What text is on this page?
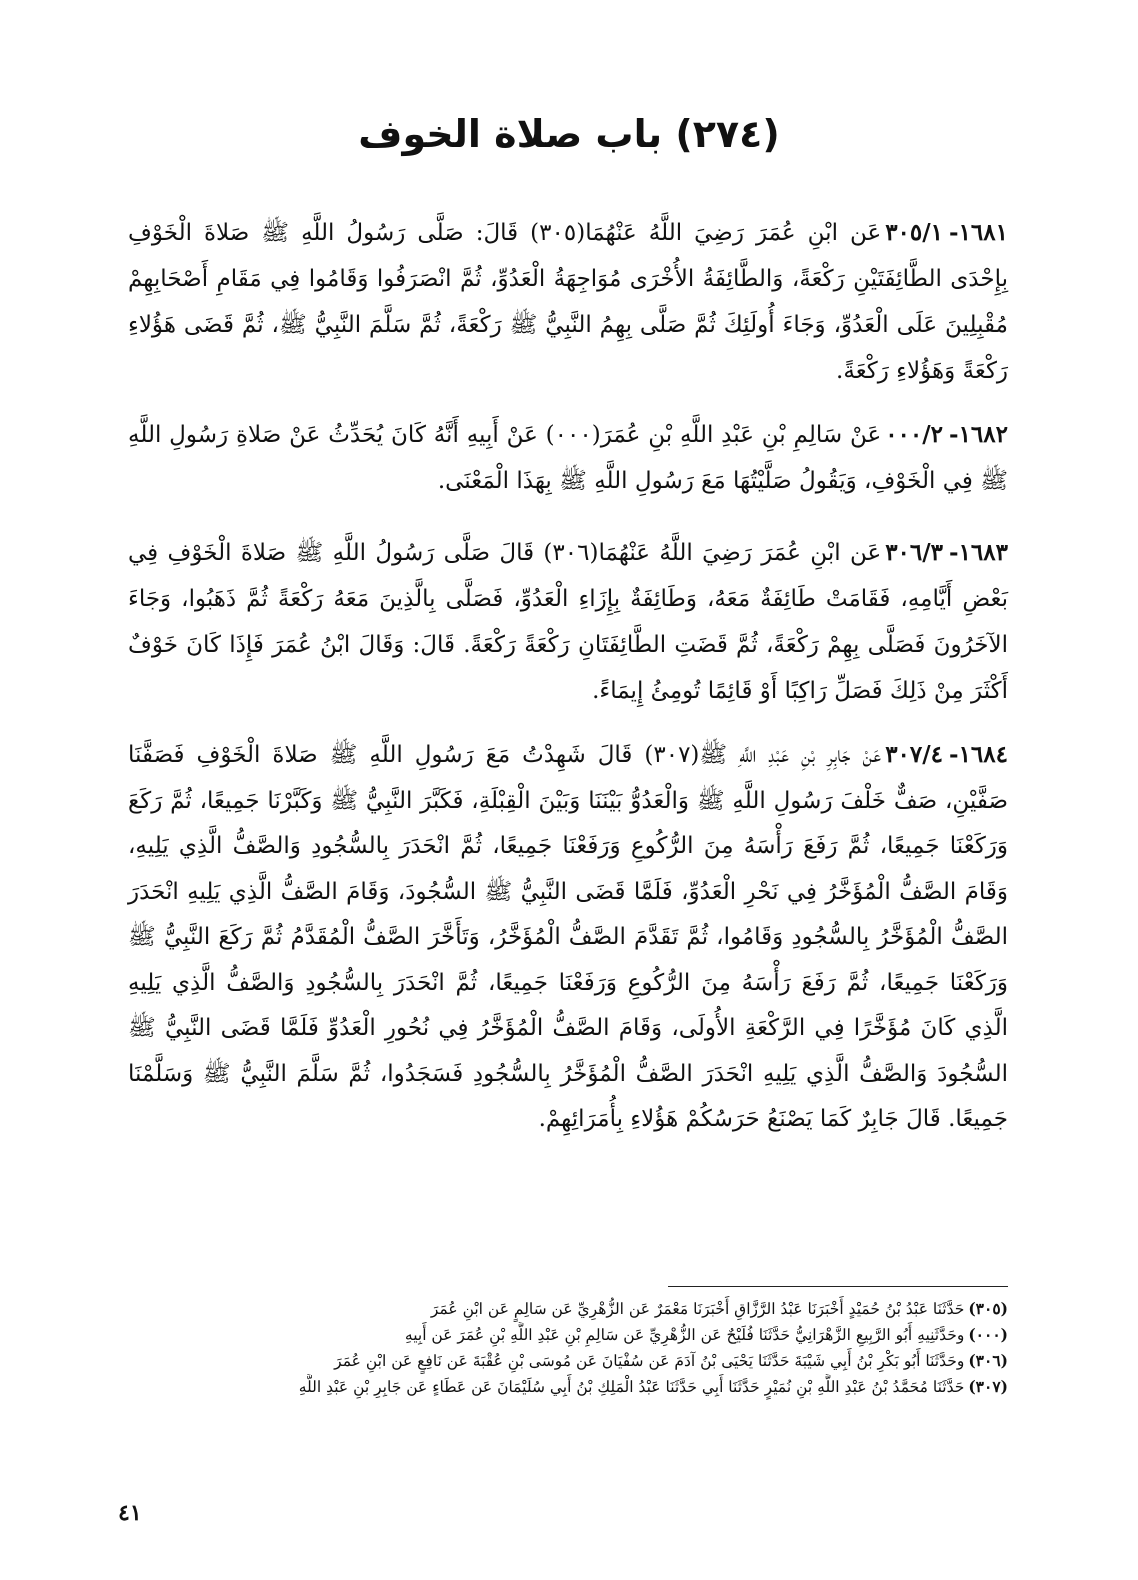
(٢٧٤) باب صلاة الخوف

١٦٨١-٣٠٥/١عَن ابْنِ عُمَرَ رَضِيَ اللَّهُ عَنْهُمَا(٣٠٥) قَالَ: صَلَّى رَسُولُ اللَّهِ ﷺ صَلاةَ الْخَوْفِ بِإِحْدَى الطَّائِفَتَيْنِ رَكْعَةً، وَالطَّائِفَةُ الأُخْرَى مُوَاجِهَةُ الْعَدُوِّ، ثُمَّ انْصَرَفُوا وَقَامُوا فِي مَقَامِ أَصْحَابِهِمْ مُقْبِلِينَ عَلَى الْعَدُوِّ، وَجَاءَ أُولَئِكَ ثُمَّ صَلَّى بِهِمُ النَّبِيُّ ﷺ رَكْعَةً، ثُمَّ سَلَّمَ النَّبِيُّ ﷺ، ثُمَّ قَضَى هَؤُلاءِ رَكْعَةً وَهَؤُلاءِ رَكْعَةً.

١٦٨٢-٠٠٠/٢عَنْ سَالِمِ بْنِ عَبْدِ اللَّهِ بْنِ عُمَرَ(٠٠٠) عَنْ أَبِيهِ أَنَّهُ كَانَ يُحَدِّثُ عَنْ صَلاةِ رَسُولِ اللَّهِ ﷺ فِي الْخَوْفِ، وَيَقُولُ صَلَّيْتُهَا مَعَ رَسُولِ اللَّهِ ﷺ بِهَذَا الْمَعْنَى.

١٦٨٣-٣٠٦/٣عَن ابْنِ عُمَرَ رَضِيَ اللَّهُ عَنْهُمَا(٣٠٦) قَالَ صَلَّى رَسُولُ اللَّهِ ﷺ صَلاةَ الْخَوْفِ فِي بَعْضِ أَيَّامِهِ، فَقَامَتْ طَائِفَةٌ مَعَهُ، وَطَائِفَةٌ بِإِزَاءِ الْعَدُوِّ، فَصَلَّى بِالَّذِينَ مَعَهُ رَكْعَةً ثُمَّ ذَهَبُوا، وَجَاءَ الآخَرُونَ فَصَلَّى بِهِمْ رَكْعَةً، ثُمَّ قَضَتِ الطَّائِفَتَانِ رَكْعَةً رَكْعَةً. قَالَ: وَقَالَ ابْنُ عُمَرَ فَإِذَا كَانَ خَوْفٌ أَكْثَرَ مِنْ ذَلِكَ فَصَلِّ رَاكِبًا أَوْ قَائِمًا تُومِئُ إِيمَاءً.

١٦٨٤-٣٠٧/٤عَنْ جَابِرِ بْنِ عَبْدِ اللَّهِ ﷺ(٣٠٧) قَالَ شَهِدْتُ مَعَ رَسُولِ اللَّهِ ﷺ صَلاةَ الْخَوْفِ فَصَفَّنَا صَفَّيْنِ، صَفٌّ خَلْفَ رَسُولِ اللَّهِ ﷺ وَالْعَدُوُّ بَيْنَنَا وَبَيْنَ الْقِبْلَةِ، فَكَبَّرَ النَّبِيُّ ﷺ وَكَبَّرْنَا جَمِيعًا، ثُمَّ رَكَعَ وَرَكَعْنَا جَمِيعًا، ثُمَّ رَفَعَ رَأْسَهُ مِنَ الرُّكُوعِ وَرَفَعْنَا جَمِيعًا، ثُمَّ انْحَدَرَ بِالسُّجُودِ وَالصَّفُّ الَّذِي يَلِيهِ، وَقَامَ الصَّفُّ الْمُؤَخَّرُ فِي نَحْرِ الْعَدُوِّ، فَلَمَّا قَضَى النَّبِيُّ ﷺ السُّجُودَ، وَقَامَ الصَّفُّ الَّذِي يَلِيهِ انْحَدَرَ الصَّفُّ الْمُؤَخَّرُ بِالسُّجُودِ وَقَامُوا، ثُمَّ تَقَدَّمَ الصَّفُّ الْمُؤَخَّرُ، وَتَأَخَّرَ الصَّفُّ الْمُقَدَّمُ ثُمَّ رَكَعَ النَّبِيُّ ﷺ وَرَكَعْنَا جَمِيعًا، ثُمَّ رَفَعَ رَأْسَهُ مِنَ الرُّكُوعِ وَرَفَعْنَا جَمِيعًا، ثُمَّ انْحَدَرَ بِالسُّجُودِ وَالصَّفُّ الَّذِي يَلِيهِ الَّذِي كَانَ مُؤَخَّرًا فِي الرَّكْعَةِ الأُولَى، وَقَامَ الصَّفُّ الْمُؤَخَّرُ فِي نُحُورِ الْعَدُوِّ فَلَمَّا قَضَى النَّبِيُّ ﷺ السُّجُودَ وَالصَّفُّ الَّذِي يَلِيهِ انْحَدَرَ الصَّفُّ الْمُؤَخَّرُ بِالسُّجُودِ فَسَجَدُوا، ثُمَّ سَلَّمَ النَّبِيُّ ﷺ وَسَلَّمْنَا جَمِيعًا. قَالَ جَابِرٌ كَمَا يَصْنَعُ حَرَسُكُمْ هَؤُلاءِ بِأُمَرَائِهِمْ.

(٣٠٥)حَدَّثَنَا عَبْدُ بْنُ حُمَيْدٍ أَخْبَرَنَا عَبْدُ الرَّزَّاقِ أَخْبَرَنَا مَعْمَرٌ عَن الزُّهْرِيِّ عَن سَالِمٍ عَن ابْنِ عُمَرَ
(٠٠٠)وحَدَّثَنِيهِ أَبُو الرَّبِيعِ الزَّهْرَانِيُّ حَدَّثَنَا فُلَيْحٌ عَن الزُّهْرِيِّ عَن سَالِمِ بْنِ عَبْدِ اللَّهِ بْنِ عُمَرَ عَن أَبِيهِ
(٣٠٦)وحَدَّثَنَا أَبُو بَكْرِ بْنُ أَبِي شَيْبَةَ حَدَّثَنَا يَحْيَى بْنُ آدَمَ عَن سُفْيَانَ عَن مُوسَى بْنِ عُقْبَةَ عَن نَافِعٍ عَن ابْنِ عُمَرَ
(٣٠٧)حَدَّثَنَا مُحَمَّدُ بْنُ عَبْدِ اللَّهِ بْنِ نُمَيْرٍ حَدَّثَنَا أَبِي حَدَّثَنَا عَبْدُ الْمَلِكِ بْنُ أَبِي سُلَيْمَانَ عَن عَطَاءٍ عَن جَابِرِ بْنِ عَبْدِ اللَّهِ
٤١
